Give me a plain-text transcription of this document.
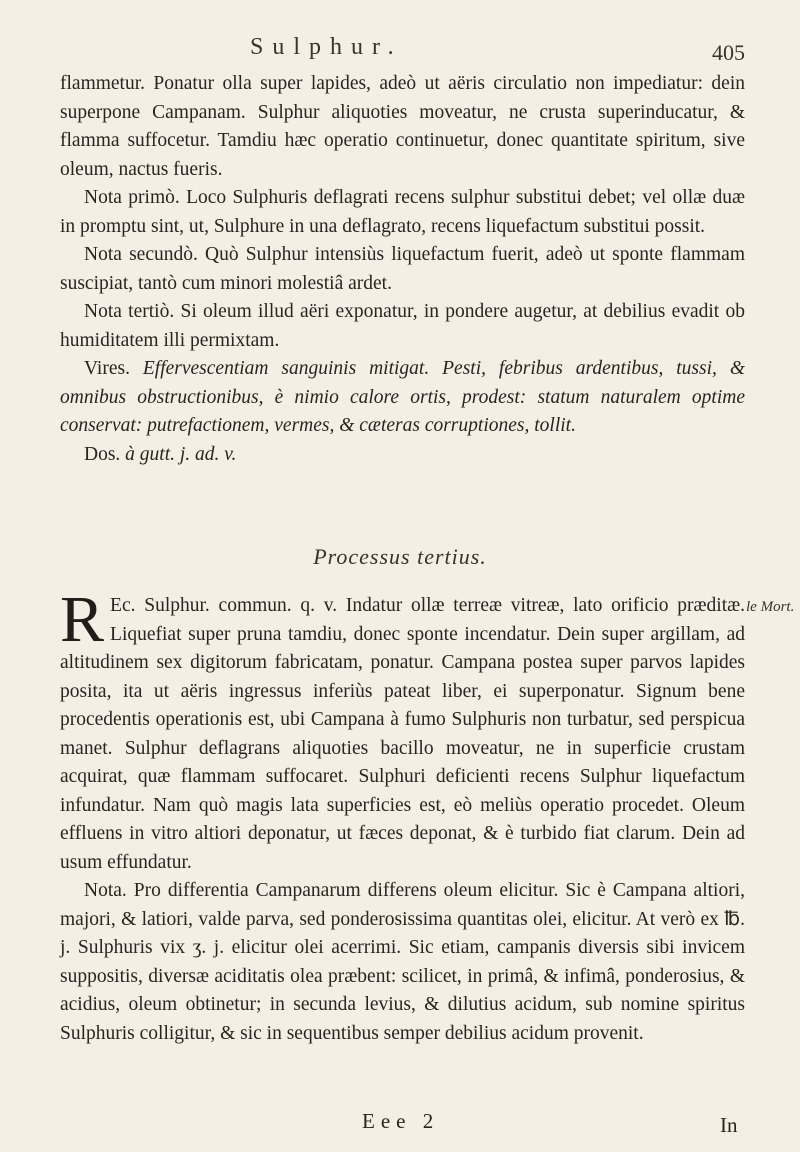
Sulphur.	405

flammetur. Ponatur olla super lapides, adeò ut aëris circulatio non impediatur: dein superpone Campanam. Sulphur aliquoties moveatur, ne crusta superinducatur, & flamma suffocetur. Tamdiu hæc operatio continuetur, donec quantitate spiritum, sive oleum, nactus fueris.

Nota primò. Loco Sulphuris deflagrati recens sulphur substitui debet; vel ollæ duæ in promptu sint, ut, Sulphure in una deflagrato, recens liquefactum substitui possit.

Nota secundò. Quò Sulphur intensiùs liquefactum fuerit, adeò ut sponte flammam suscipiat, tantò cum minori molestiâ ardet.

Nota tertiò. Si oleum illud aëri exponatur, in pondere augetur, at debilius evadit ob humiditatem illi permixtam.

Vires. Effervescentiam sanguinis mitigat. Pesti, febribus ardentibus, tussi, & omnibus obstructionibus, è nimio calore ortis, prodest: statum naturalem optime conservat: putrefactionem, vermes, & cæteras corruptiones, tollit.

Dos. à gutt. j. ad. v.

Processus tertius.
le Mort.

R Ec. Sulphur. commun. q. v. Indatur ollæ terreæ vitreæ, lato orificio præditæ. Liquefiat super pruna tamdiu, donec sponte incendatur. Dein super argillam, ad altitudinem sex digitorum fabricatam, ponatur. Campana postea super parvos lapides posita, ita ut aëris ingressus inferiùs pateat liber, ei superponatur. Signum bene procedentis operationis est, ubi Campana à fumo Sulphuris non turbatur, sed perspicua manet. Sulphur deflagrans aliquoties bacillo moveatur, ne in superficie crustam acquirat, quæ flammam suffocaret. Sulphuri deficienti recens Sulphur liquefactum infundatur. Nam quò magis lata superficies est, eò meliùs operatio procedet. Oleum effluens in vitro altiori deponatur, ut fæces deponat, & è turbido fiat clarum. Dein ad usum effundatur.

Nota. Pro differentia Campanarum differens oleum elicitur. Sic è Campana altiori, majori, & latiori, valde parva, sed ponderosissima quantitas olei, elicitur. At verò ex ℔. j. Sulphuris vix ʒ. j. elicitur olei acerrimi. Sic etiam, campanis diversis sibi invicem suppositis, diversæ aciditatis olea præbent: scilicet, in primâ, & infimâ, ponderosius, & acidius, oleum obtinetur; in secunda levius, & dilutius acidum, sub nomine spiritus Sulphuris colligitur, & sic in sequentibus semper debilius acidum provenit.

Eee 2	In
